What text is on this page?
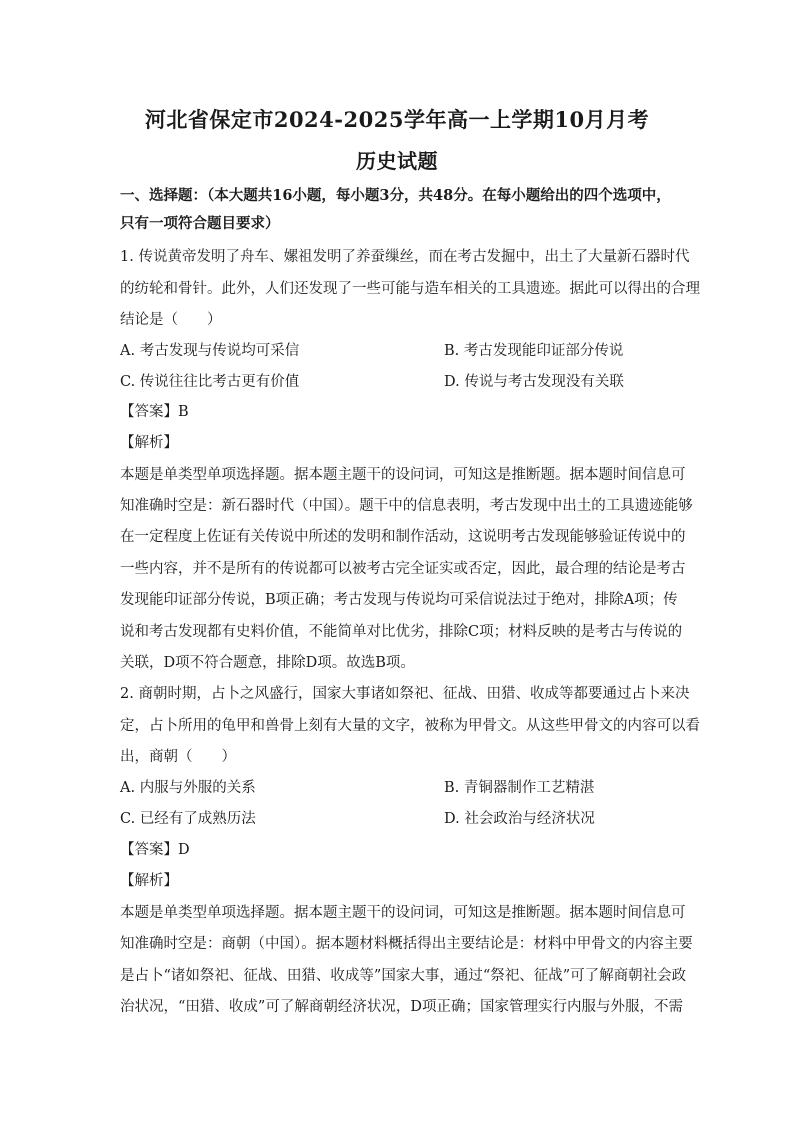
河北省保定市2024-2025学年高一上学期10月月考
历史试题
一、选择题：（本大题共16小题，每小题3分，共48分。在每小题给出的四个选项中，
只有一项符合题目要求）
1. 传说黄帝发明了舟车、嫘祖发明了养蚕缫丝，而在考古发掘中，出土了大量新石器时代
的纺轮和骨针。此外，人们还发现了一些可能与造车相关的工具遗迹。据此可以得出的合理
结论是（　　）
A. 考古发现与传说均可采信	B. 考古发现能印证部分传说
C. 传说往往比考古更有价值	D. 传说与考古发现没有关联
【答案】B
【解析】
本题是单类型单项选择题。据本题主题干的设问词，可知这是推断题。据本题时间信息可
知准确时空是：新石器时代（中国）。题干中的信息表明，考古发现中出土的工具遗迹能够
在一定程度上佐证有关传说中所述的发明和制作活动，这说明考古发现能够验证传说中的
一些内容，并不是所有的传说都可以被考古完全证实或否定，因此，最合理的结论是考古
发现能印证部分传说，B项正确；考古发现与传说均可采信说法过于绝对，排除A项；传
说和考古发现都有史料价值，不能简单对比优劣，排除C项；材料反映的是考古与传说的
关联，D项不符合题意，排除D项。故选B项。
2. 商朝时期，占卜之风盛行，国家大事诸如祭祀、征战、田猎、收成等都要通过占卜来决
定，占卜所用的龟甲和兽骨上刻有大量的文字，被称为甲骨文。从这些甲骨文的内容可以看
出，商朝（　　）
A. 内服与外服的关系	B. 青铜器制作工艺精湛
C. 已经有了成熟历法	D. 社会政治与经济状况
【答案】D
【解析】
本题是单类型单项选择题。据本题主题干的设问词，可知这是推断题。据本题时间信息可
知准确时空是：商朝（中国）。据本题材料概括得出主要结论是：材料中甲骨文的内容主要
是占卜“诸如祭祀、征战、田猎、收成等”国家大事，通过“祭祀、征战”可了解商朝社会政
治状况，“田猎、收成”可了解商朝经济状况，D项正确；国家管理实行内服与外服，不需
